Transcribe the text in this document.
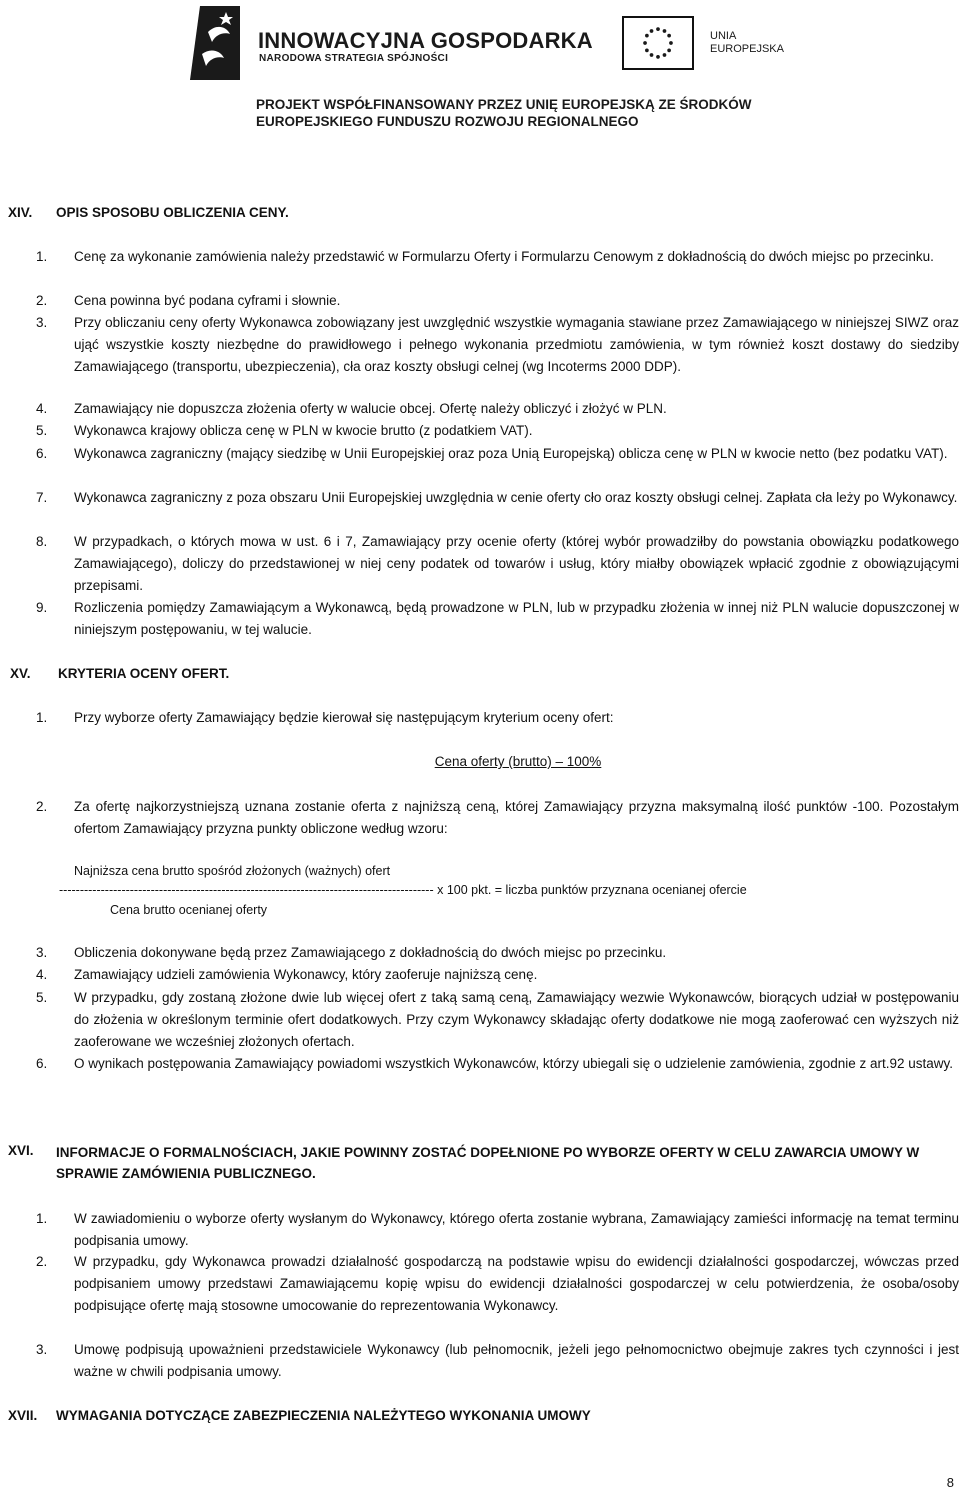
INNOWACYJNA GOSPODARKA
NARODOWA STRATEGIA SPÓJNOŚCI
UNIA
EUROPEJSKA
PROJEKT WSPÓŁFINANSOWANY PRZEZ UNIĘ EUROPEJSKĄ ZE ŚRODKÓW
EUROPEJSKIEGO FUNDUSZU ROZWOJU REGIONALNEGO
XIV.	OPIS SPOSOBU OBLICZENIA CENY.
1.	Cenę za wykonanie zamówienia należy przedstawić w Formularzu Oferty i Formularzu Cenowym z dokładnością do dwóch miejsc po przecinku.
2.	Cena powinna być podana cyframi i słownie.
3.	Przy obliczaniu ceny oferty Wykonawca zobowiązany jest uwzględnić wszystkie wymagania stawiane przez Zamawiającego w niniejszej SIWZ oraz ująć wszystkie koszty niezbędne do prawidłowego i pełnego wykonania przedmiotu zamówienia, w tym również koszt dostawy do siedziby Zamawiającego (transportu, ubezpieczenia), cła oraz koszty obsługi celnej (wg Incoterms 2000 DDP).
4.	Zamawiający nie dopuszcza złożenia oferty w walucie obcej. Ofertę należy obliczyć i złożyć w PLN.
5.	Wykonawca krajowy oblicza cenę w PLN w kwocie brutto (z podatkiem VAT).
6.	Wykonawca zagraniczny (mający siedzibę w Unii Europejskiej oraz poza Unią Europejską) oblicza cenę w PLN w kwocie netto (bez podatku VAT).
7.	Wykonawca zagraniczny z poza obszaru Unii Europejskiej uwzględnia w cenie oferty cło oraz koszty obsługi celnej. Zapłata cła leży po Wykonawcy.
8.	W przypadkach, o których mowa w ust. 6 i 7, Zamawiający przy ocenie oferty (której wybór prowadziłby do powstania obowiązku podatkowego Zamawiającego), doliczy do przedstawionej w niej ceny podatek od towarów i usług, który miałby obowiązek wpłacić zgodnie z obowiązującymi przepisami.
9.	Rozliczenia pomiędzy Zamawiającym a Wykonawcą, będą prowadzone w PLN, lub w przypadku złożenia w innej niż PLN walucie dopuszczonej w niniejszym postępowaniu, w tej walucie.
XV.	KRYTERIA OCENY OFERT.
1.	Przy wyborze oferty Zamawiający będzie kierował się następującym kryterium oceny ofert:
Cena oferty (brutto) – 100%
2.	Za ofertę najkorzystniejszą uznana zostanie oferta z najniższą ceną, której Zamawiający przyzna maksymalną ilość punktów -100. Pozostałym ofertom Zamawiający przyzna punkty obliczone według wzoru:
Najniższa cena brutto spośród złożonych (ważnych) ofert
------------------------------------------------------------------------------------------ x 100 pkt. = liczba punktów przyznana ocenianej ofercie
Cena brutto ocenianej oferty
3.	Obliczenia dokonywane będą przez Zamawiającego z dokładnością do dwóch miejsc po przecinku.
4.	Zamawiający udzieli zamówienia Wykonawcy, który zaoferuje najniższą cenę.
5.	W przypadku, gdy zostaną złożone dwie lub więcej ofert z taką samą ceną, Zamawiający wezwie Wykonawców, biorących udział w postępowaniu do złożenia w określonym terminie ofert dodatkowych. Przy czym Wykonawcy składając oferty dodatkowe nie mogą zaoferować cen wyższych niż zaoferowane we wcześniej złożonych ofertach.
6.	O wynikach postępowania Zamawiający powiadomi wszystkich Wykonawców, którzy ubiegali się o udzielenie zamówienia, zgodnie z art.92 ustawy.
XVI.	INFORMACJE O FORMALNOŚCIACH, JAKIE POWINNY ZOSTAĆ DOPEŁNIONE PO WYBORZE OFERTY W CELU ZAWARCIA UMOWY W SPRAWIE ZAMÓWIENIA PUBLICZNEGO.
1.	W zawiadomieniu o wyborze oferty wysłanym do Wykonawcy, którego oferta zostanie wybrana, Zamawiający zamieści informację na temat terminu podpisania umowy.
2.	W przypadku, gdy Wykonawca prowadzi działalność gospodarczą na podstawie wpisu do ewidencji działalności gospodarczej, wówczas przed podpisaniem umowy przedstawi Zamawiającemu kopię wpisu do ewidencji działalności gospodarczej w celu potwierdzenia, że osoba/osoby podpisujące ofertę mają stosowne umocowanie do reprezentowania Wykonawcy.
3.	Umowę podpisują upoważnieni przedstawiciele Wykonawcy (lub pełnomocnik, jeżeli jego pełnomocnictwo obejmuje zakres tych czynności i jest ważne w chwili podpisania umowy.
XVII.	WYMAGANIA DOTYCZĄCE ZABEZPIECZENIA NALEŻYTEGO WYKONANIA UMOWY
8
